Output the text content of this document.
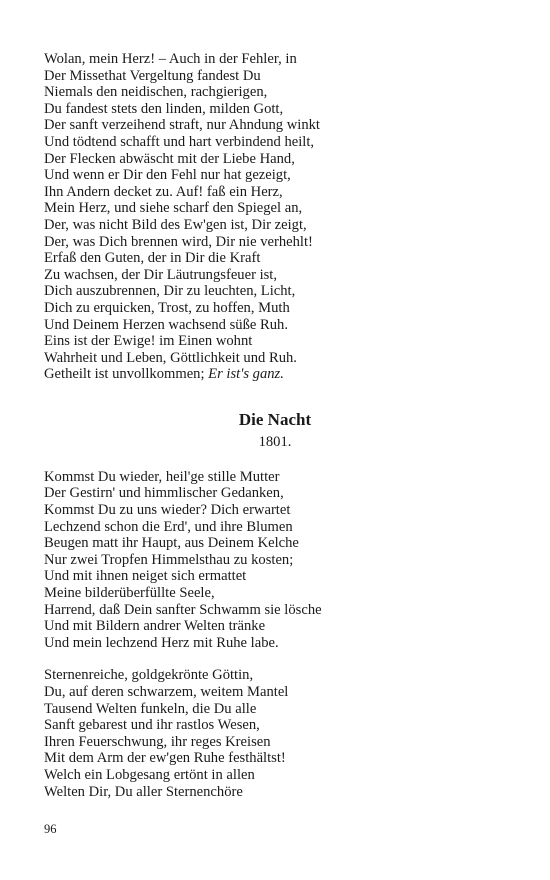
Wolan, mein Herz! – Auch in der Fehler, in
Der Missethat Vergeltung fandest Du
Niemals den neidischen, rachgierigen,
Du fandest stets den linden, milden Gott,
Der sanft verzeihend straft, nur Ahndung winkt
Und tödtend schafft und hart verbindend heilt,
Der Flecken abwäscht mit der Liebe Hand,
Und wenn er Dir den Fehl nur hat gezeigt,
Ihn Andern decket zu. Auf! faß ein Herz,
Mein Herz, und siehe scharf den Spiegel an,
Der, was nicht Bild des Ew'gen ist, Dir zeigt,
Der, was Dich brennen wird, Dir nie verhehlt!
Erfaß den Guten, der in Dir die Kraft
Zu wachsen, der Dir Läutrungsfeuer ist,
Dich auszubrennen, Dir zu leuchten, Licht,
Dich zu erquicken, Trost, zu hoffen, Muth
Und Deinem Herzen wachsend süße Ruh.
Eins ist der Ewige! im Einen wohnt
Wahrheit und Leben, Göttlichkeit und Ruh.
Getheilt ist unvollkommen; Er ist's ganz.
Die Nacht
1801.
Kommst Du wieder, heil'ge stille Mutter
Der Gestirn' und himmlischer Gedanken,
Kommst Du zu uns wieder? Dich erwartet
Lechzend schon die Erd', und ihre Blumen
Beugen matt ihr Haupt, aus Deinem Kelche
Nur zwei Tropfen Himmelsthau zu kosten;
Und mit ihnen neiget sich ermattet
Meine bilderüberfüllte Seele,
Harrend, daß Dein sanfter Schwamm sie lösche
Und mit Bildern andrer Welten tränke
Und mein lechzend Herz mit Ruhe labe.
Sternenreiche, goldgekrönte Göttin,
Du, auf deren schwarzem, weitem Mantel
Tausend Welten funkeln, die Du alle
Sanft gebarest und ihr rastlos Wesen,
Ihren Feuerschwung, ihr reges Kreisen
Mit dem Arm der ew'gen Ruhe festhältst!
Welch ein Lobgesang ertönt in allen
Welten Dir, Du aller Sternenchöre
96
